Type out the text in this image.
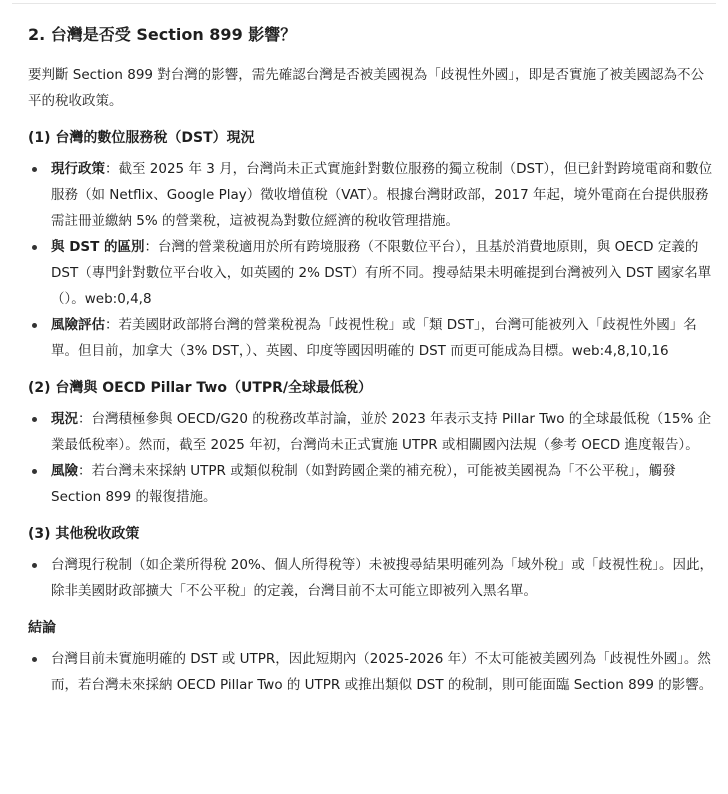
2. 台灣是否受 Section 899 影響？

要判斷 Section 899 對台灣的影響，需先確認台灣是否被美國視為「歧視性外國」，即是否實施了被美國認為不公平的稅收政策。

(1) 台灣的數位服務稅（DST）現況
現行政策：截至 2025 年 3 月，台灣尚未正式實施針對數位服務的獨立稅制（DST），但已針對跨境電商和數位服務（如 Netflix、Google Play）徵收增值稅（VAT）。根據台灣財政部，2017 年起，境外電商在台提供服務需註冊並繳納 5% 的營業稅，這被視為對數位經濟的稅收管理措施。
與 DST 的區別：台灣的營業稅適用於所有跨境服務（不限數位平台），且基於消費地原則，與 OECD 定義的 DST（專門針對數位平台收入，如英國的 2% DST）有所不同。搜尋結果未明確提到台灣被列入 DST 國家名單（）。web:0,4,8
風險評估：若美國財政部將台灣的營業稅視為「歧視性稅」或「類 DST」，台灣可能被列入「歧視性外國」名單。但目前，加拿大（3% DST，）、英國、印度等國因明確的 DST 而更可能成為目標。web:4,8,10,16
(2) 台灣與 OECD Pillar Two（UTPR/全球最低稅）
現況：台灣積極參與 OECD/G20 的稅務改革討論，並於 2023 年表示支持 Pillar Two 的全球最低稅（15% 企業最低稅率）。然而，截至 2025 年初，台灣尚未正式實施 UTPR 或相關國內法規（參考 OECD 進度報告）。
風險：若台灣未來採納 UTPR 或類似稅制（如對跨國企業的補充稅），可能被美國視為「不公平稅」，觸發 Section 899 的報復措施。
(3) 其他稅收政策
台灣現行稅制（如企業所得稅 20%、個人所得稅等）未被搜尋結果明確列為「域外稅」或「歧視性稅」。因此，除非美國財政部擴大「不公平稅」的定義，台灣目前不太可能立即被列入黑名單。
結論
台灣目前未實施明確的 DST 或 UTPR，因此短期內（2025-2026 年）不太可能被美國列為「歧視性外國」。然而，若台灣未來採納 OECD Pillar Two 的 UTPR 或推出類似 DST 的稅制，則可能面臨 Section 899 的影響。
